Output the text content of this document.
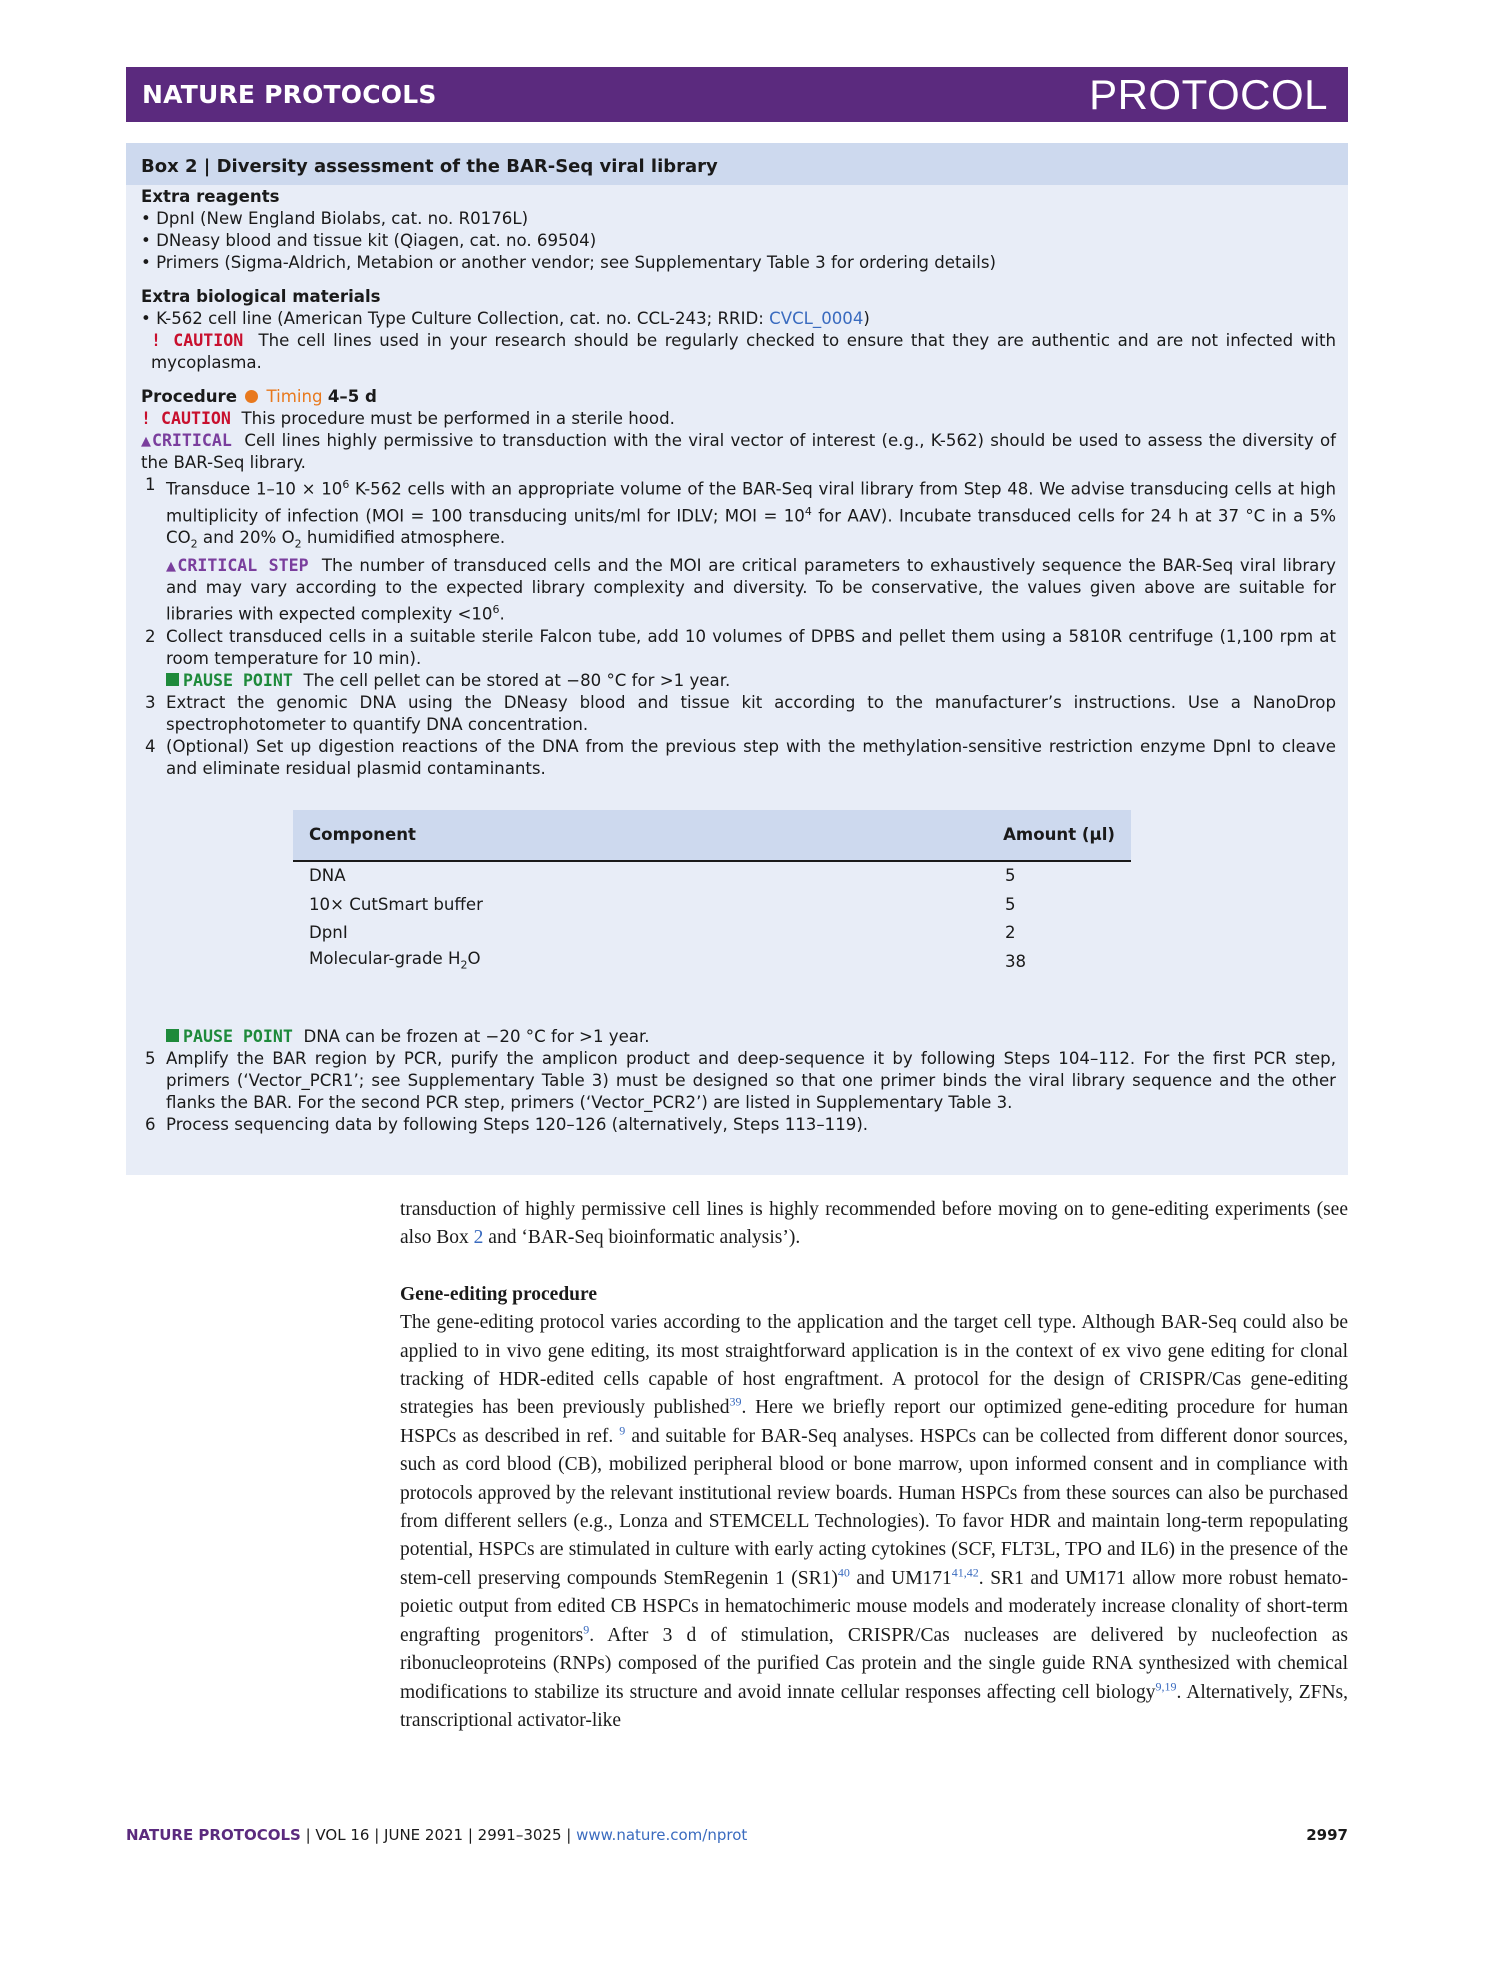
NATURE PROTOCOLS	PROTOCOL
Box 2 | Diversity assessment of the BAR-Seq viral library
Extra reagents
• DpnI (New England Biolabs, cat. no. R0176L)
• DNeasy blood and tissue kit (Qiagen, cat. no. 69504)
• Primers (Sigma-Aldrich, Metabion or another vendor; see Supplementary Table 3 for ordering details)
Extra biological materials
• K-562 cell line (American Type Culture Collection, cat. no. CCL-243; RRID: CVCL_0004)
! CAUTION The cell lines used in your research should be regularly checked to ensure that they are authentic and are not infected with mycoplasma.
Procedure Timing 4–5 d
! CAUTION This procedure must be performed in a sterile hood.
▲CRITICAL Cell lines highly permissive to transduction with the viral vector of interest (e.g., K-562) should be used to assess the diversity of the BAR-Seq library.
1 Transduce $1-10 \times 10^6$ K-562 cells with an appropriate volume of the BAR-Seq viral library from Step 48. We advise transducing cells at high multiplicity of infection (MOI = 100 transducing units/ml for IDLV; MOI = $10^4$ for AAV). Incubate transduced cells for 24 h at 37 °C in a 5% $CO_2$ and 20% $O_2$ humidified atmosphere.
▲CRITICAL STEP The number of transduced cells and the MOI are critical parameters to exhaustively sequence the BAR-Seq viral library and may vary according to the expected library complexity and diversity. To be conservative, the values given above are suitable for libraries with expected complexity $<10^6$.
2 Collect transduced cells in a suitable sterile Falcon tube, add 10 volumes of DPBS and pellet them using a 5810R centrifuge (1,100 rpm at room temperature for 10 min).
PAUSE POINT The cell pellet can be stored at −80 °C for >1 year.
3 Extract the genomic DNA using the DNeasy blood and tissue kit according to the manufacturer’s instructions. Use a NanoDrop spectrophotometer to quantify DNA concentration.
4 (Optional) Set up digestion reactions of the DNA from the previous step with the methylation-sensitive restriction enzyme DpnI to cleave and eliminate residual plasmid contaminants.
Component	Amount (µl)
DNA	5
10× CutSmart buffer	5
DpnI	2
Molecular-grade $H_2O$	38
PAUSE POINT DNA can be frozen at −20 °C for >1 year.
5 Amplify the BAR region by PCR, purify the amplicon product and deep-sequence it by following Steps 104–112. For the first PCR step, primers (‘Vector_PCR1’; see Supplementary Table 3) must be designed so that one primer binds the viral library sequence and the other flanks the BAR. For the second PCR step, primers (‘Vector_PCR2’) are listed in Supplementary Table 3.
6 Process sequencing data by following Steps 120–126 (alternatively, Steps 113–119).

transduction of highly permissive cell lines is highly recommended before moving on to gene-editing experiments (see also Box 2 and ‘BAR-Seq bioinformatic analysis’).

Gene-editing procedure

The gene-editing protocol varies according to the application and the target cell type. Although BAR-Seq could also be applied to in vivo gene editing, its most straightforward application is in the context of ex vivo gene editing for clonal tracking of HDR-edited cells capable of host engraftment. A protocol for the design of CRISPR/Cas gene-editing strategies has been previously published$^{39}$. Here we briefly report our optimized gene-editing procedure for human HSPCs as described in ref. $^9$ and suitable for BAR-Seq analyses. HSPCs can be collected from different donor sources, such as cord blood (CB), mobilized peripheral blood or bone marrow, upon informed consent and in compliance with protocols approved by the relevant institutional review boards. Human HSPCs from these sources can also be purchased from different sellers (e.g., Lonza and STEMCELL Technologies). To favor HDR and maintain long-term repopulating potential, HSPCs are stimulated in culture with early acting cytokines (SCF, FLT3L, TPO and IL6) in the presence of the stem-cell preserving compounds StemRegenin 1 $(SR1)^{40}$ and UM171$^{41,42}$. SR1 and UM171 allow more robust hemato-poietic output from edited CB HSPCs in hematochimeric mouse models and moderately increase clonality of short-term engrafting progenitors$^9$. After 3 d of stimulation, CRISPR/Cas nucleases are delivered by nucleofection as ribonucleoproteins (RNPs) composed of the purified Cas protein and the single guide RNA synthesized with chemical modifications to stabilize its structure and avoid innate cellular responses affecting cell biology$^{9,19}$. Alternatively, ZFNs, transcriptional activator-like

NATURE PROTOCOLS | VOL 16 | JUNE 2021 | 2991–3025 | www.nature.com/nprot	2997
